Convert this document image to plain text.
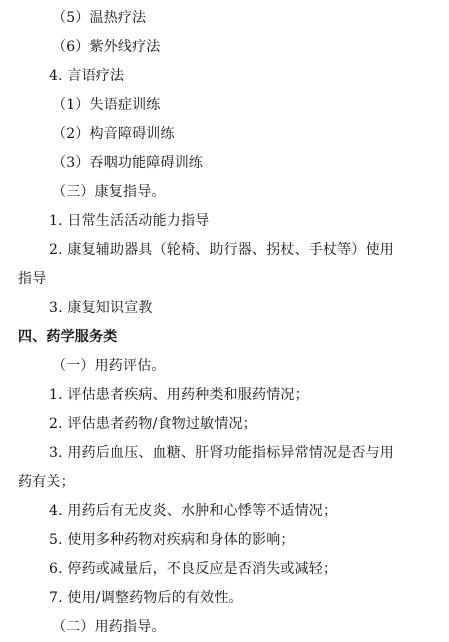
（5）温热疗法
（6）紫外线疗法
4. 言语疗法
（1）失语症训练
（2）构音障碍训练
（3）吞咽功能障碍训练
（三）康复指导。
1. 日常生活活动能力指导
2. 康复辅助器具（轮椅、助行器、拐杖、手杖等）使用
指导
3. 康复知识宣教
四、药学服务类
（一）用药评估。
1. 评估患者疾病、用药种类和服药情况；
2. 评估患者药物/食物过敏情况；
3. 用药后血压、血糖、肝肾功能指标异常情况是否与用
药有关；
4. 用药后有无皮炎、水肿和心悸等不适情况；
5. 使用多种药物对疾病和身体的影响；
6. 停药或减量后，不良反应是否消失或减轻；
7. 使用/调整药物后的有效性。
（二）用药指导。
